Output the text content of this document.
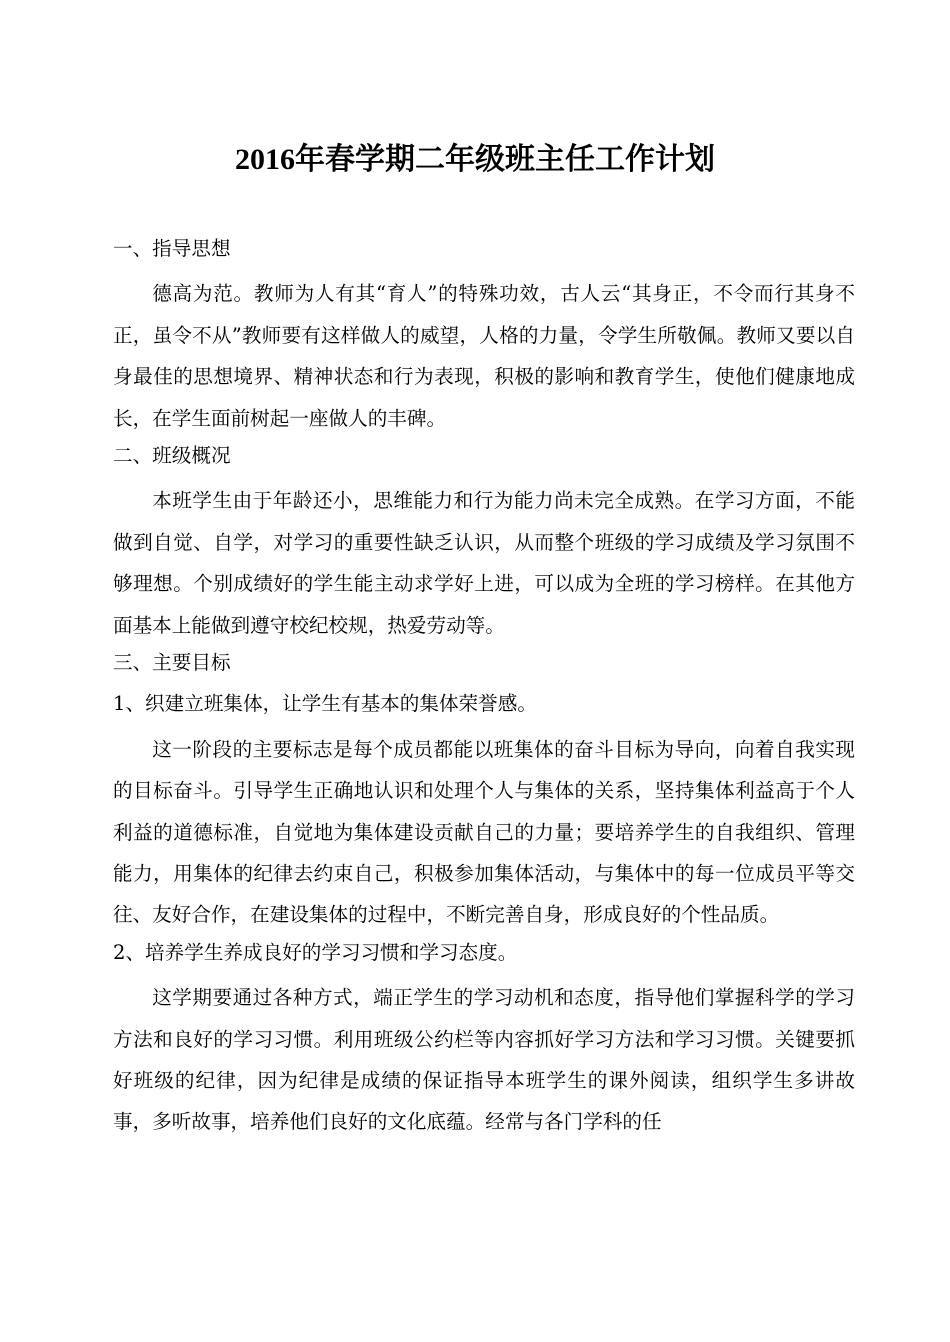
2016年春学期二年级班主任工作计划

一、指导思想

德高为范。教师为人有其“育人”的特殊功效，古人云“其身正，不令而行其身不正，虽令不从”教师要有这样做人的威望，人格的力量，令学生所敬佩。教师又要以自身最佳的思想境界、精神状态和行为表现，积极的影响和教育学生，使他们健康地成长，在学生面前树起一座做人的丰碑。

二、班级概况

本班学生由于年龄还小，思维能力和行为能力尚未完全成熟。在学习方面，不能做到自觉、自学，对学习的重要性缺乏认识，从而整个班级的学习成绩及学习氛围不够理想。个别成绩好的学生能主动求学好上进，可以成为全班的学习榜样。在其他方面基本上能做到遵守校纪校规，热爱劳动等。

三、主要目标

1、织建立班集体，让学生有基本的集体荣誉感。

这一阶段的主要标志是每个成员都能以班集体的奋斗目标为导向，向着自我实现的目标奋斗。引导学生正确地认识和处理个人与集体的关系，坚持集体利益高于个人利益的道德标准，自觉地为集体建设贡献自己的力量；要培养学生的自我组织、管理能力，用集体的纪律去约束自己，积极参加集体活动，与集体中的每一位成员平等交往、友好合作，在建设集体的过程中，不断完善自身，形成良好的个性品质。

2、培养学生养成良好的学习习惯和学习态度。

这学期要通过各种方式，端正学生的学习动机和态度，指导他们掌握科学的学习方法和良好的学习习惯。利用班级公约栏等内容抓好学习方法和学习习惯。关键要抓好班级的纪律，因为纪律是成绩的保证指导本班学生的课外阅读，组织学生多讲故事，多听故事，培养他们良好的文化底蕴。经常与各门学科的任
